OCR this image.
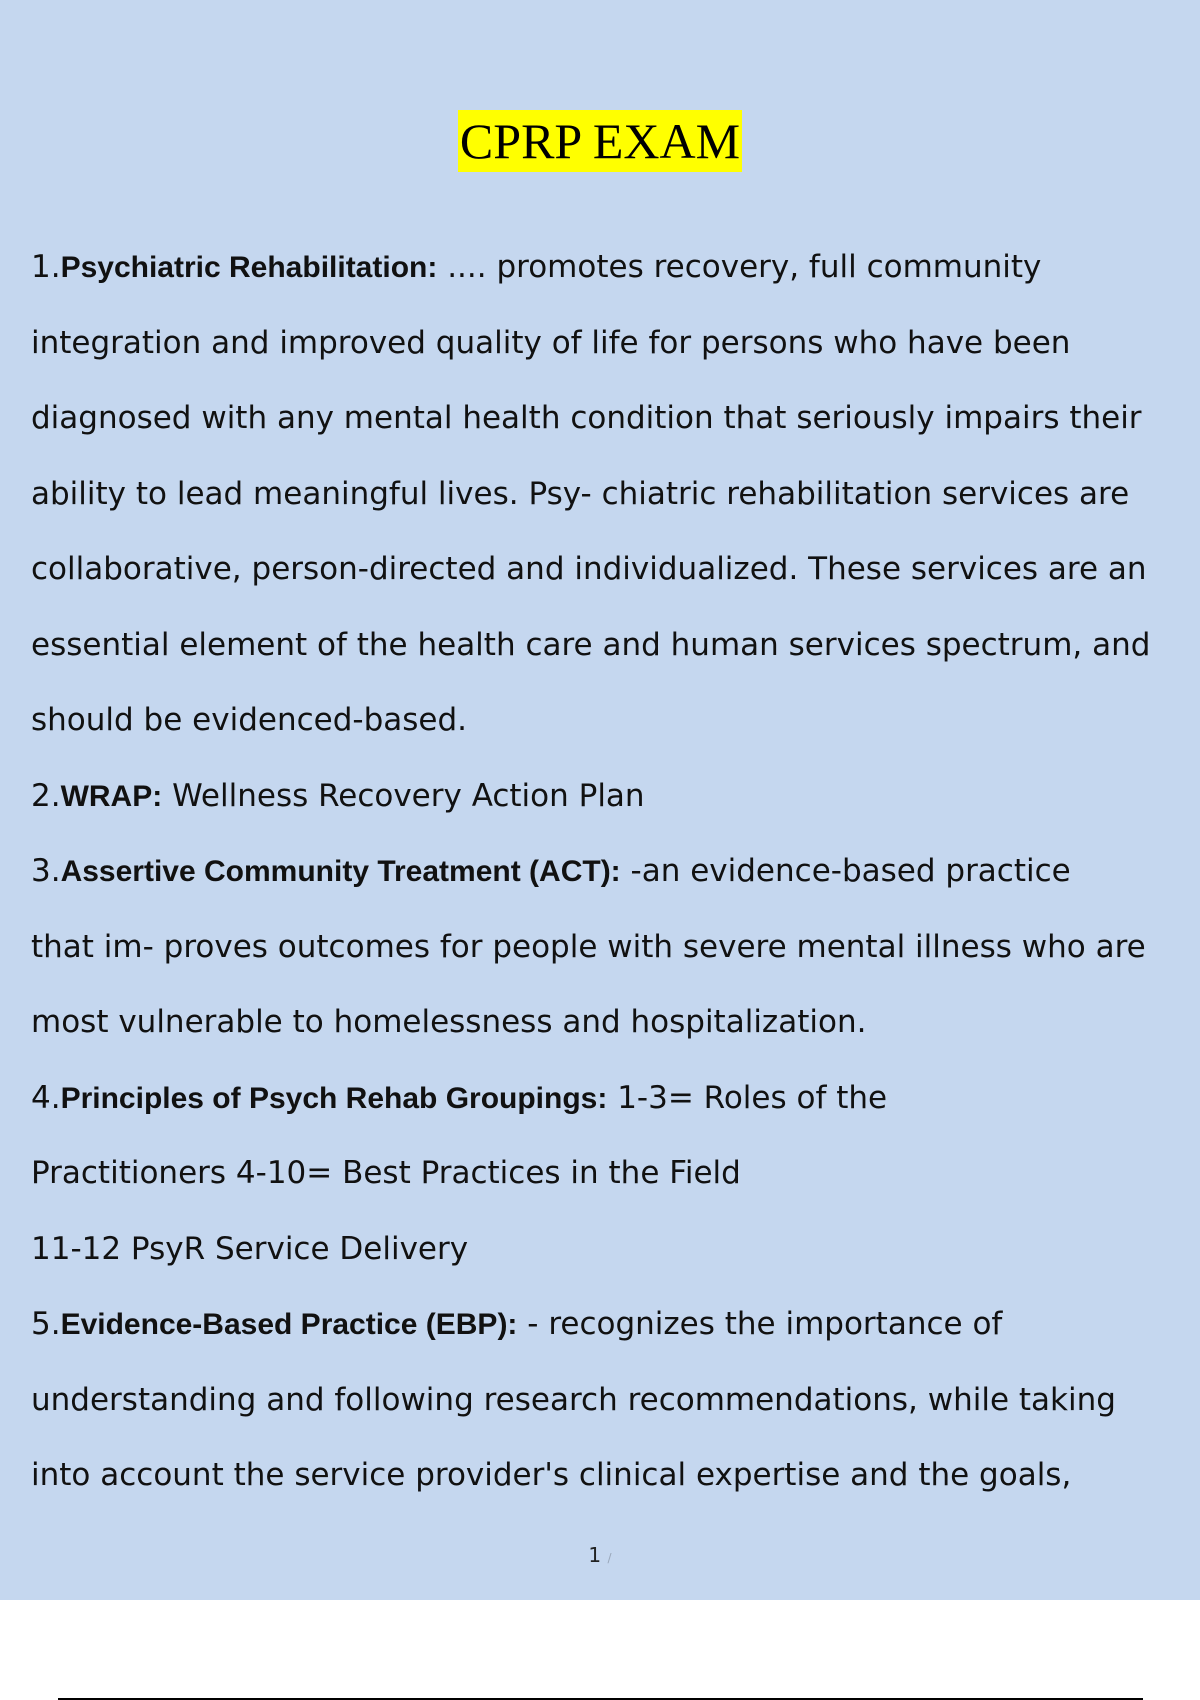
CPRP EXAM
1.Psychiatric Rehabilitation: .... promotes recovery, full community
integration and improved quality of life for persons who have been
diagnosed with any mental health condition that seriously impairs their
ability to lead meaningful lives. Psy- chiatric rehabilitation services are
collaborative, person-directed and individualized. These services are an
essential element of the health care and human services spectrum, and
should be evidenced-based.
2.WRAP: Wellness Recovery Action Plan
3.Assertive Community Treatment (ACT): -an evidence-based practice
that im- proves outcomes for people with severe mental illness who are
most vulnerable to homelessness and hospitalization.
4.Principles of Psych Rehab Groupings: 1-3= Roles of the
Practitioners 4-10= Best Practices in the Field
11-12 PsyR Service Delivery
5.Evidence-Based Practice (EBP): - recognizes the importance of
understanding and following research recommendations, while taking
into account the service provider's clinical expertise and the goals,
1 /
